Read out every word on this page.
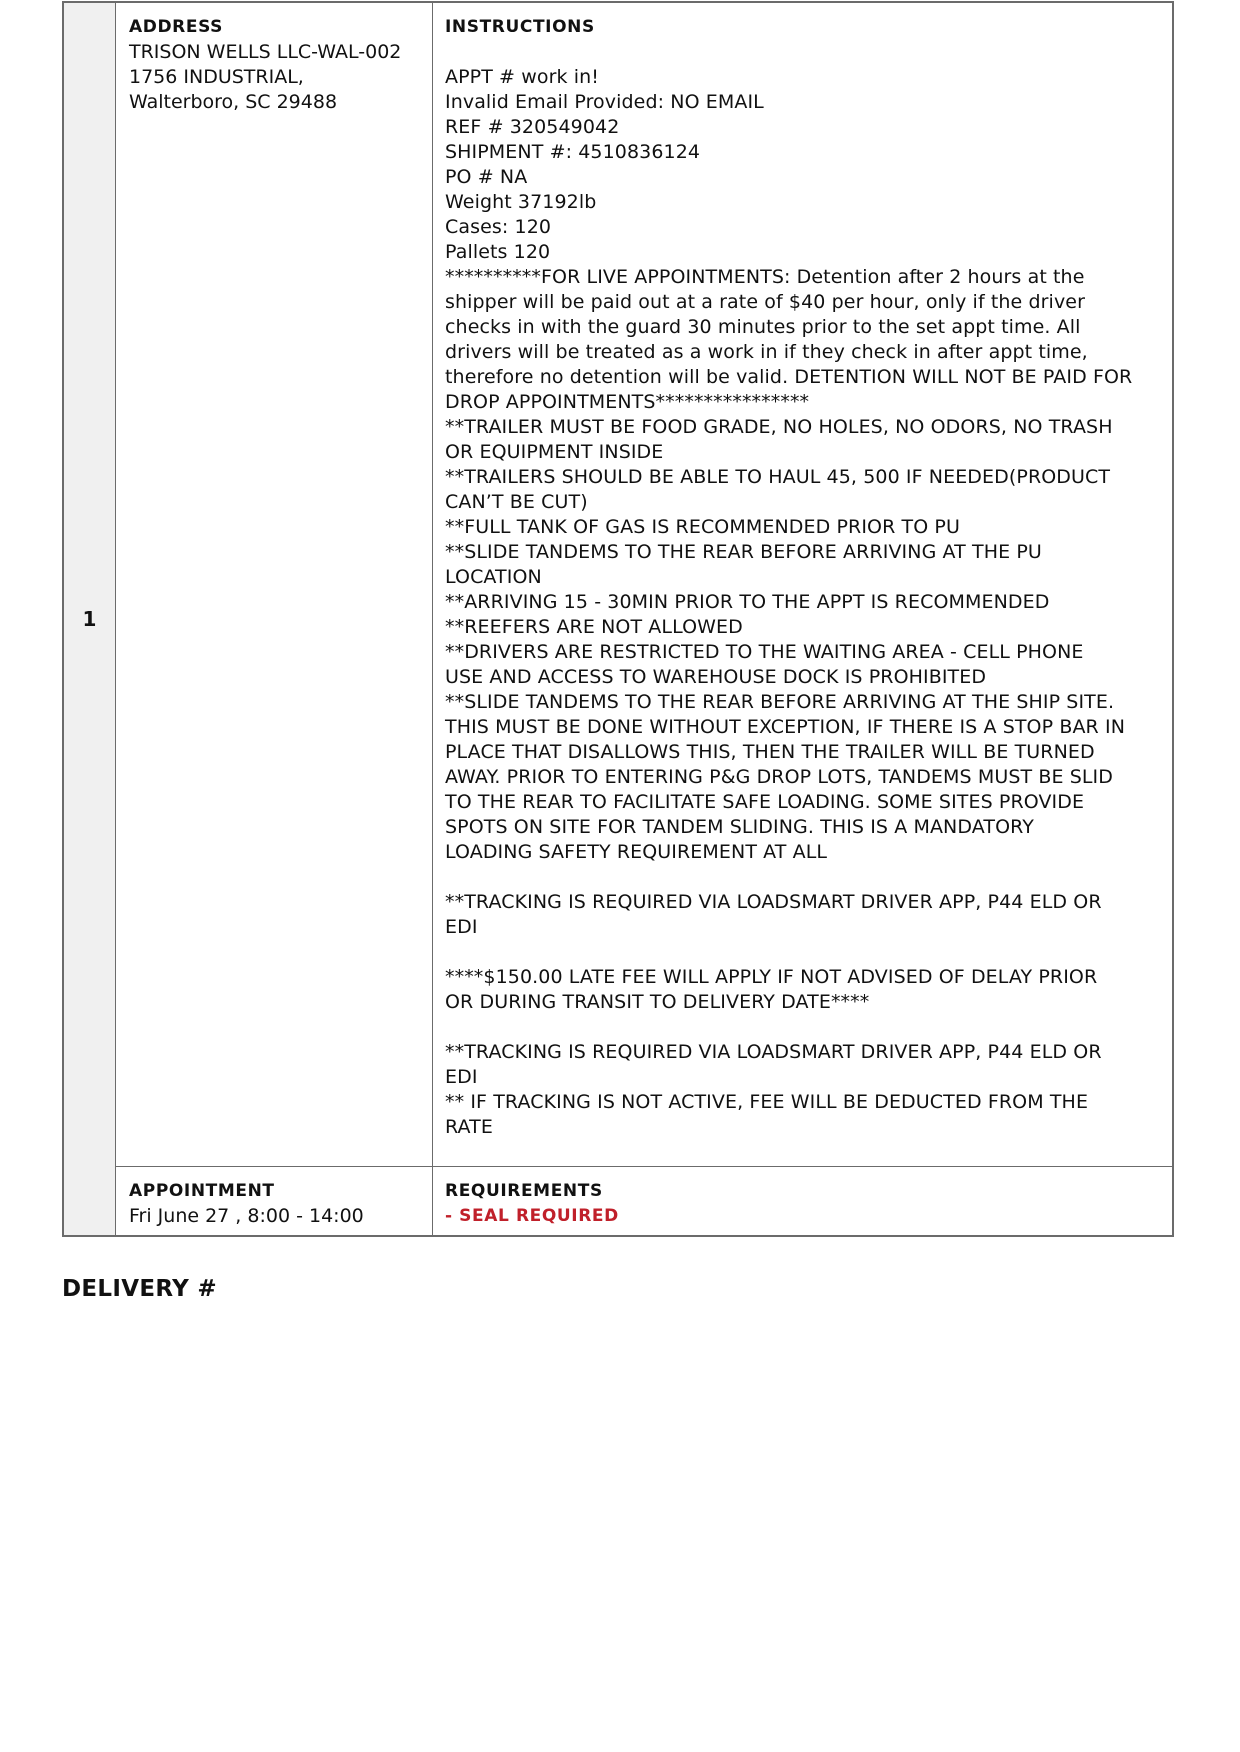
1
ADDRESS
TRISON WELLS LLC-WAL-002
1756 INDUSTRIAL,
Walterboro, SC 29488
INSTRUCTIONS
APPT # work in!
Invalid Email Provided: NO EMAIL
REF # 320549042
SHIPMENT #: 4510836124
PO # NA
Weight 37192lb
Cases: 120
Pallets 120
**********FOR LIVE APPOINTMENTS: Detention after 2 hours at the
shipper will be paid out at a rate of $40 per hour, only if the driver
checks in with the guard 30 minutes prior to the set appt time. All
drivers will be treated as a work in if they check in after appt time,
therefore no detention will be valid. DETENTION WILL NOT BE PAID FOR
DROP APPOINTMENTS****************
**TRAILER MUST BE FOOD GRADE, NO HOLES, NO ODORS, NO TRASH
OR EQUIPMENT INSIDE
**TRAILERS SHOULD BE ABLE TO HAUL 45, 500 IF NEEDED(PRODUCT
CAN’T BE CUT)
**FULL TANK OF GAS IS RECOMMENDED PRIOR TO PU
**SLIDE TANDEMS TO THE REAR BEFORE ARRIVING AT THE PU
LOCATION
**ARRIVING 15 - 30MIN PRIOR TO THE APPT IS RECOMMENDED
**REEFERS ARE NOT ALLOWED
**DRIVERS ARE RESTRICTED TO THE WAITING AREA - CELL PHONE
USE AND ACCESS TO WAREHOUSE DOCK IS PROHIBITED
**SLIDE TANDEMS TO THE REAR BEFORE ARRIVING AT THE SHIP SITE.
THIS MUST BE DONE WITHOUT EXCEPTION, IF THERE IS A STOP BAR IN
PLACE THAT DISALLOWS THIS, THEN THE TRAILER WILL BE TURNED
AWAY. PRIOR TO ENTERING P&G DROP LOTS, TANDEMS MUST BE SLID
TO THE REAR TO FACILITATE SAFE LOADING. SOME SITES PROVIDE
SPOTS ON SITE FOR TANDEM SLIDING. THIS IS A MANDATORY
LOADING SAFETY REQUIREMENT AT ALL

**TRACKING IS REQUIRED VIA LOADSMART DRIVER APP, P44 ELD OR
EDI

****$150.00 LATE FEE WILL APPLY IF NOT ADVISED OF DELAY PRIOR
OR DURING TRANSIT TO DELIVERY DATE****

**TRACKING IS REQUIRED VIA LOADSMART DRIVER APP, P44 ELD OR
EDI
** IF TRACKING IS NOT ACTIVE, FEE WILL BE DEDUCTED FROM THE
RATE
APPOINTMENT
Fri June 27 , 8:00 - 14:00
REQUIREMENTS
- SEAL REQUIRED
DELIVERY #
